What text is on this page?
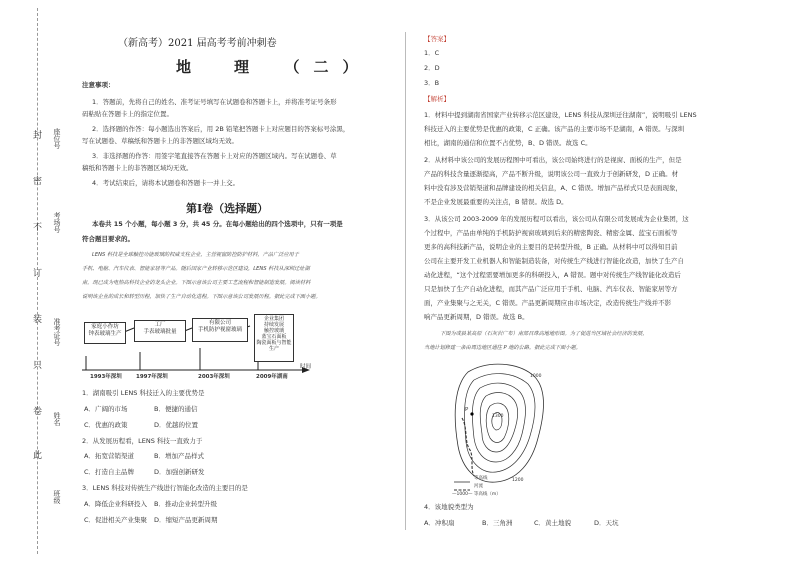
封
密
不
订
装
只
卷
此
座位号
考场号
准考证号
姓名
班级
（新高考）2021 届高考考前冲刺卷
地　理　（二）
注意事项：
1．答题前，先将自己的姓名、准考证号填写在试题卷和答题卡上，并将准考证号条形
码粘贴在答题卡上的指定位置。
2．选择题的作答：每小题选出答案后，用 2B 铅笔把答题卡上对应题目的答案标号涂黑，
写在试题卷、草稿纸和答题卡上的非答题区域均无效。
3．非选择题的作答：用签字笔直接答在答题卡上对应的答题区域内。写在试题卷、草
稿纸和答题卡上的非答题区域均无效。
4．考试结束后，请将本试题卷和答题卡一并上交。
第Ⅰ卷（选择题）
本卷共 15 个小题，每小题 3 分，共 45 分。在每小题给出的四个选项中，只有一项是
符合题目要求的。
LENS 科技是全球触控功能玻璃的权威支柱企业，主营视窗防控防护材料，产品广泛应用于
手机、电脑、汽车仪表、智能家居等产品。随后国家产业转移示范区建设，LENS 科技从深圳迁址湖
南，现已成为电热高科技企业的龙头企业。下图示意该公司主要工艺流程和智能制造发展。阅读材料
说明该企业的成长和转型历程，加快了生产自动化进程。下图示意该公司发展历程。据此完成下面小题。
家庭小作坊
钟表玻璃生产
工厂
手表玻璃批量
有限公司
手机防护视窗玻璃
企业集团
持续发展
触控玻璃
蓝宝石面板
陶瓷面板与智能
生产
1993年深圳	1997年深圳	2003年深圳	2009年湖南
时间
1．湖南吸引 LENS 科技迁入的主要优势是
A．广阔的市场	B．便捷的通信
C．优惠的政策	D．优越的位置
2．从发展历程看，LENS 科技一直致力于
A．拓宽营销渠道	B．增加产品样式
C．打造自主品牌	D．加强创新研发
3．LENS 科技对传统生产线进行智能化改造的主要目的是
A．降低企业科研投入 B．推动企业转型升级
C．促进相关产业集聚 D．缩短产品更新周期
【答案】
1．C
2．D
3．B
【解析】
1．材料中提到湖南省国家产业转移示范区建设，LENS 科技从深圳迁往湖南”，说明吸引 LENS
科技迁入的主要优势是优惠的政策，C 正确。该产品的主要市场不是湖南，A 错误。与深圳
相比，湖南的通信和位置不占优势，B、D 错误。故选 C。
2．从材料中该公司的发展历程图中可看出，该公司始终进行的是视窗、面板的生产，但是
产品的科技含量逐渐提高，产品不断升级，说明该公司一直致力于创新研发，D 正确。材
料中没有涉及营销渠道和品牌建设的相关信息，A、C 错误。增加产品样式只是表面现象，
不是企业发展最重要的关注点，B 错误。故选 D。
3．从该公司 2003-2009 年的发展历程可以看出，该公司从有限公司发展成为企业集团，这
个过程中，产品由单纯的手机防护视窗玻璃到后来的精密陶瓷、精密金属、蓝宝石面板等
更多的高科技新产品，说明企业的主要目的是转型升级，B 正确。从材料中可以得知目前
公司在主要开发工业机器人和智能制造装备，对传统生产线进行智能化改造，加快了生产自
动化进程，“这个过程需要增加更多的科研投入，A 错误。题中对传统生产线智能化改造后
只是加快了生产自动化进程，而其产品广泛应用于手机、电脑、汽车仪表、智能家居等方
面，产业集聚与之无关，C 错误。产品更新周期应由市场决定，改造传统生产线并不影
响产品更新周期，D 错误。故选 B。
下图为或县某高原（石灰岩广布）南部日珠高地地形图。为了促进当区域社会经济的发展，
当地计划修建一条由周边地区通往 P 地的公路。据此完成下面小题。
P
1000
1200
1300
等高线
河流
—1000— 等高线（m）
4．该地貌类型为
A．冲积扇	B．三角洲	C．黄土地貌	D．天坑
